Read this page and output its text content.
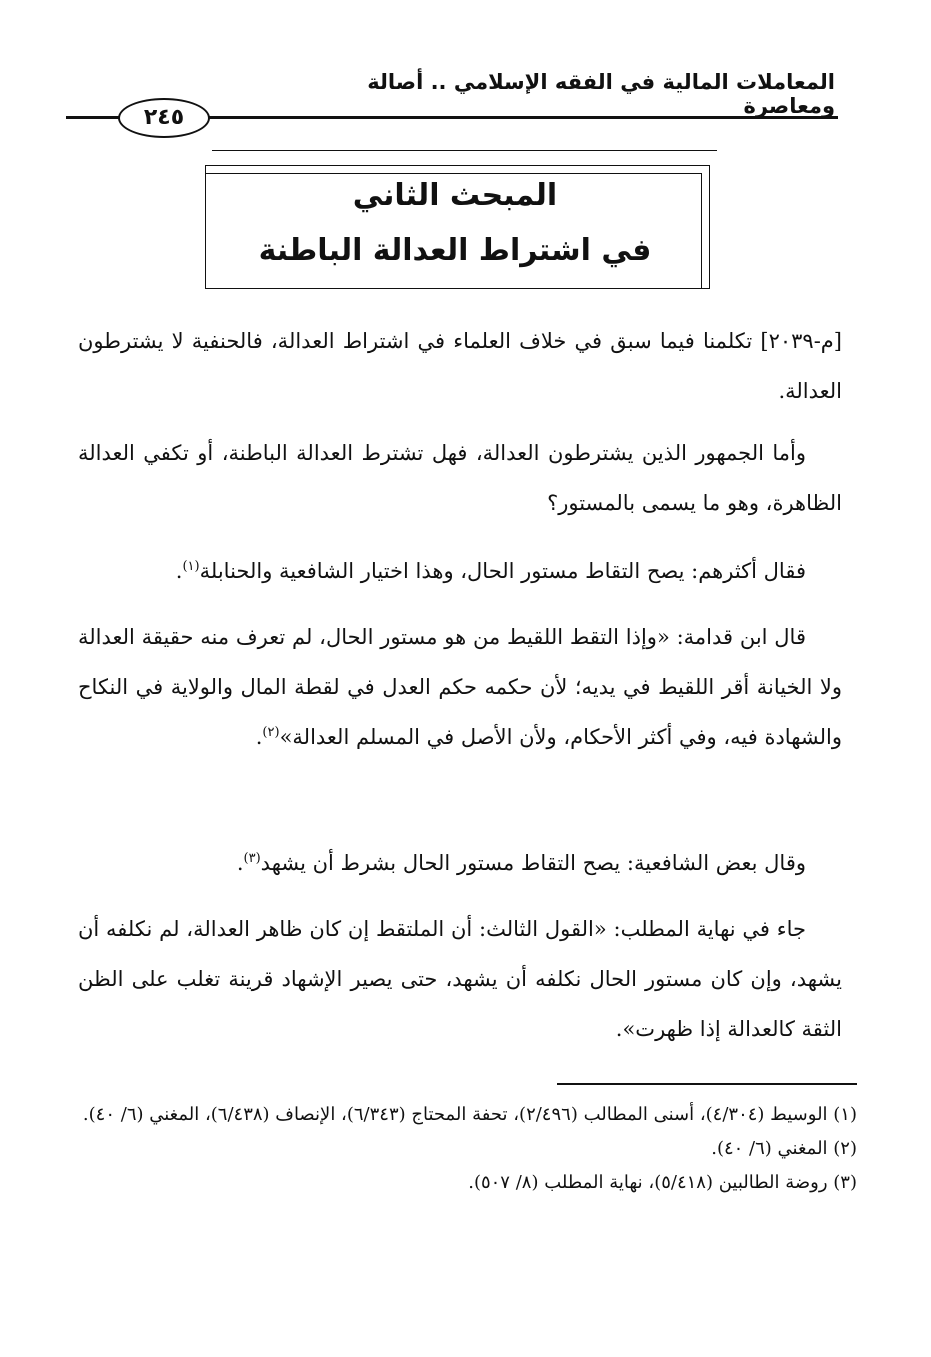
المعاملات المالية في الفقه الإسلامي .. أصالة ومعاصرة
٢٤٥
المبحث الثاني
في اشتراط العدالة الباطنة

[م-٢٠٣٩] تكلمنا فيما سبق في خلاف العلماء في اشتراط العدالة، فالحنفية لا يشترطون العدالة.

وأما الجمهور الذين يشترطون العدالة، فهل تشترط العدالة الباطنة، أو تكفي العدالة الظاهرة، وهو ما يسمى بالمستور؟

فقال أكثرهم: يصح التقاط مستور الحال، وهذا اختيار الشافعية والحنابلة$^{(١)}$.

قال ابن قدامة: «وإذا التقط اللقيط من هو مستور الحال، لم تعرف منه حقيقة العدالة ولا الخيانة أقر اللقيط في يديه؛ لأن حكمه حكم العدل في لقطة المال والولاية في النكاح والشهادة فيه، وفي أكثر الأحكام، ولأن الأصل في المسلم العدالة»$^{(٢)}$.

وقال بعض الشافعية: يصح التقاط مستور الحال بشرط أن يشهد$^{(٣)}$.

جاء في نهاية المطلب: «القول الثالث: أن الملتقط إن كان ظاهر العدالة، لم نكلفه أن يشهد، وإن كان مستور الحال نكلفه أن يشهد، حتى يصير الإشهاد قرينة تغلب على الظن الثقة كالعدالة إذا ظهرت».

(١) الوسيط (٤/٣٠٤)، أسنى المطالب (٢/٤٩٦)، تحفة المحتاج (٦/٣٤٣)، الإنصاف (٦/٤٣٨)، المغني (٦/ ٤٠).

(٢) المغني (٦/ ٤٠).

(٣) روضة الطالبين (٥/٤١٨)، نهاية المطلب (٨/ ٥٠٧).
